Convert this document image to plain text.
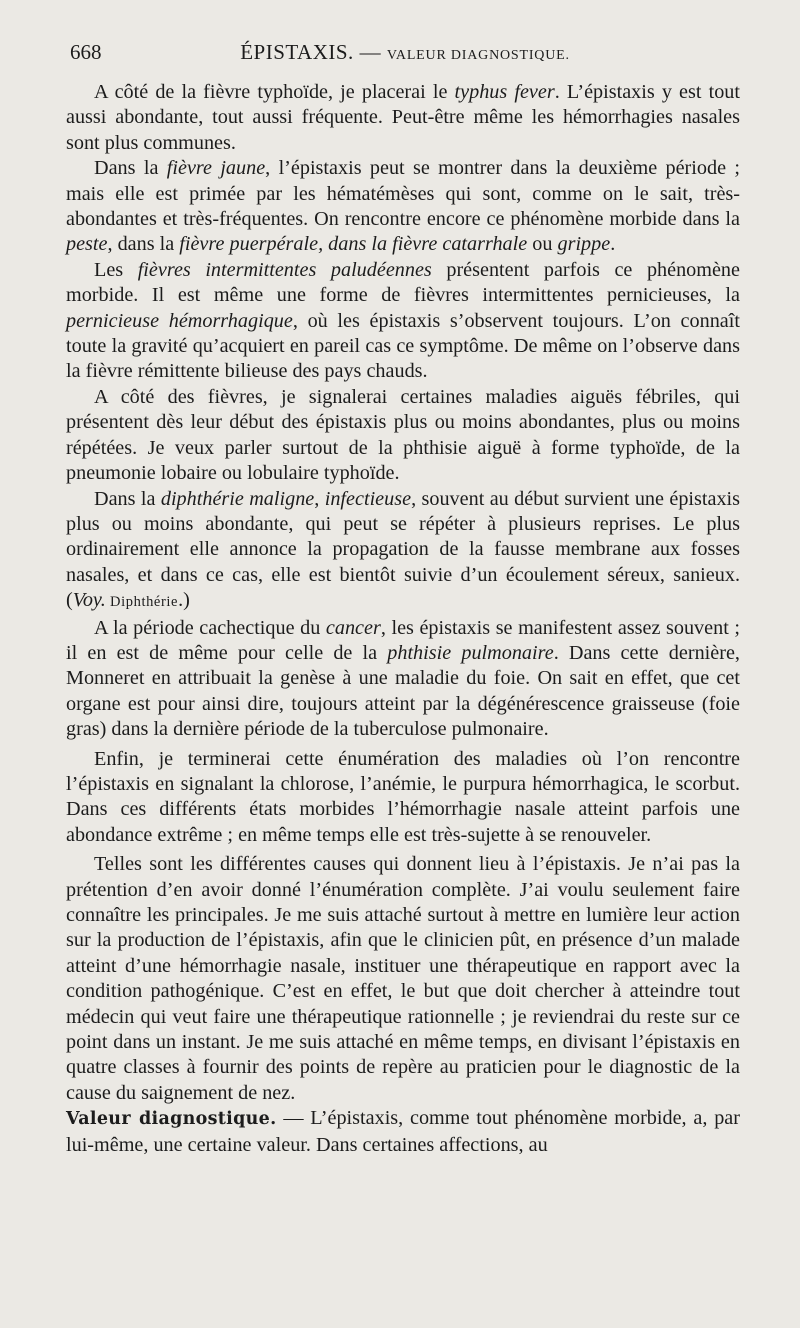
668	ÉPISTAXIS. — VALEUR DIAGNOSTIQUE.

A côté de la fièvre typhoïde, je placerai le typhus fever. L’épistaxis y est tout aussi abondante, tout aussi fréquente. Peut-être même les hémorrhagies nasales sont plus communes.

Dans la fièvre jaune, l’épistaxis peut se montrer dans la deuxième période ; mais elle est primée par les hématémèses qui sont, comme on le sait, très-abondantes et très-fréquentes. On rencontre encore ce phénomène morbide dans la peste, dans la fièvre puerpérale, dans la fièvre catarrhale ou grippe.

Les fièvres intermittentes paludéennes présentent parfois ce phénomène morbide. Il est même une forme de fièvres intermittentes pernicieuses, la pernicieuse hémorrhagique, où les épistaxis s’observent toujours. L’on connaît toute la gravité qu’acquiert en pareil cas ce symptôme. De même on l’observe dans la fièvre rémittente bilieuse des pays chauds.

A côté des fièvres, je signalerai certaines maladies aiguës fébriles, qui présentent dès leur début des épistaxis plus ou moins abondantes, plus ou moins répétées. Je veux parler surtout de la phthisie aiguë à forme typhoïde, de la pneumonie lobaire ou lobulaire typhoïde.

Dans la diphthérie maligne, infectieuse, souvent au début survient une épistaxis plus ou moins abondante, qui peut se répéter à plusieurs reprises. Le plus ordinairement elle annonce la propagation de la fausse membrane aux fosses nasales, et dans ce cas, elle est bientôt suivie d’un écoulement séreux, sanieux. (Voy. Diphthérie.)

A la période cachectique du cancer, les épistaxis se manifestent assez souvent ; il en est de même pour celle de la phthisie pulmonaire. Dans cette dernière, Monneret en attribuait la genèse à une maladie du foie. On sait en effet, que cet organe est pour ainsi dire, toujours atteint par la dégénérescence graisseuse (foie gras) dans la dernière période de la tuberculose pulmonaire.

Enfin, je terminerai cette énumération des maladies où l’on rencontre l’épistaxis en signalant la chlorose, l’anémie, le purpura hémorrhagica, le scorbut. Dans ces différents états morbides l’hémorrhagie nasale atteint parfois une abondance extrême ; en même temps elle est très-sujette à se renouveler.

Telles sont les différentes causes qui donnent lieu à l’épistaxis. Je n’ai pas la prétention d’en avoir donné l’énumération complète. J’ai voulu seulement faire connaître les principales. Je me suis attaché surtout à mettre en lumière leur action sur la production de l’épistaxis, afin que le clinicien pût, en présence d’un malade atteint d’une hémorrhagie nasale, instituer une thérapeutique en rapport avec la condition pathogénique. C’est en effet, le but que doit chercher à atteindre tout médecin qui veut faire une thérapeutique rationnelle ; je reviendrai du reste sur ce point dans un instant. Je me suis attaché en même temps, en divisant l’épistaxis en quatre classes à fournir des points de repère au praticien pour le diagnostic de la cause du saignement de nez.

Valeur diagnostique. — L’épistaxis, comme tout phénomène morbide, a, par lui-même, une certaine valeur. Dans certaines affections, au
